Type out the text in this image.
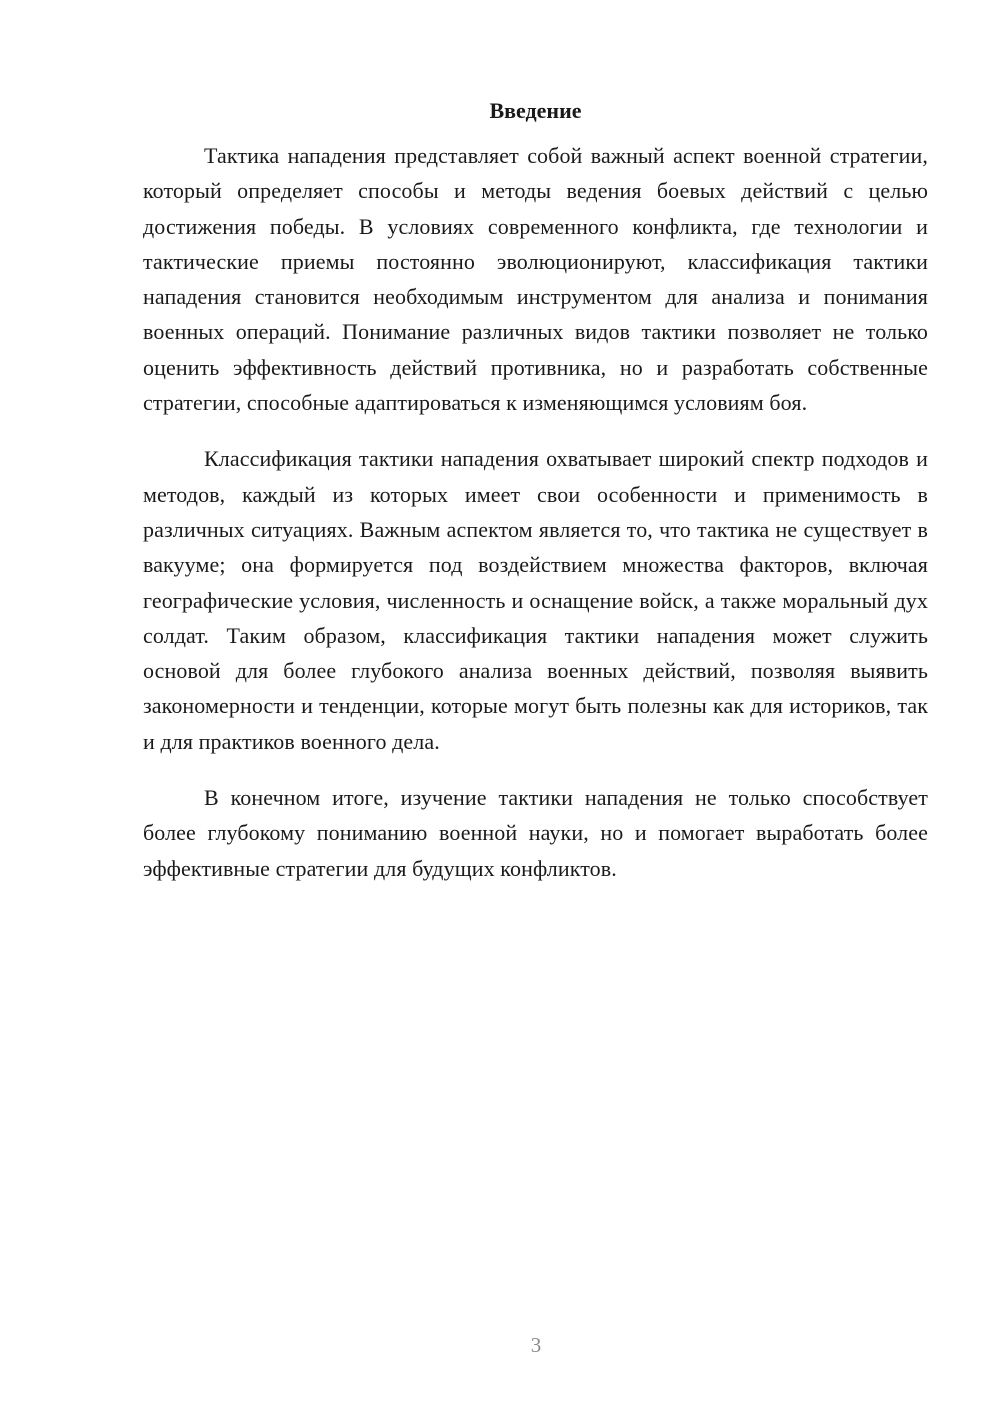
Введение

Тактика нападения представляет собой важный аспект военной стратегии, который определяет способы и методы ведения боевых действий с целью достижения победы. В условиях современного конфликта, где технологии и тактические приемы постоянно эволюционируют, классификация тактики нападения становится необходимым инструментом для анализа и понимания военных операций. Понимание различных видов тактики позволяет не только оценить эффективность действий противника, но и разработать собственные стратегии, способные адаптироваться к изменяющимся условиям боя.

Классификация тактики нападения охватывает широкий спектр подходов и методов, каждый из которых имеет свои особенности и применимость в различных ситуациях. Важным аспектом является то, что тактика не существует в вакууме; она формируется под воздействием множества факторов, включая географические условия, численность и оснащение войск, а также моральный дух солдат. Таким образом, классификация тактики нападения может служить основой для более глубокого анализа военных действий, позволяя выявить закономерности и тенденции, которые могут быть полезны как для историков, так и для практиков военного дела.

В конечном итоге, изучение тактики нападения не только способствует более глубокому пониманию военной науки, но и помогает выработать более эффективные стратегии для будущих конфликтов.

3
